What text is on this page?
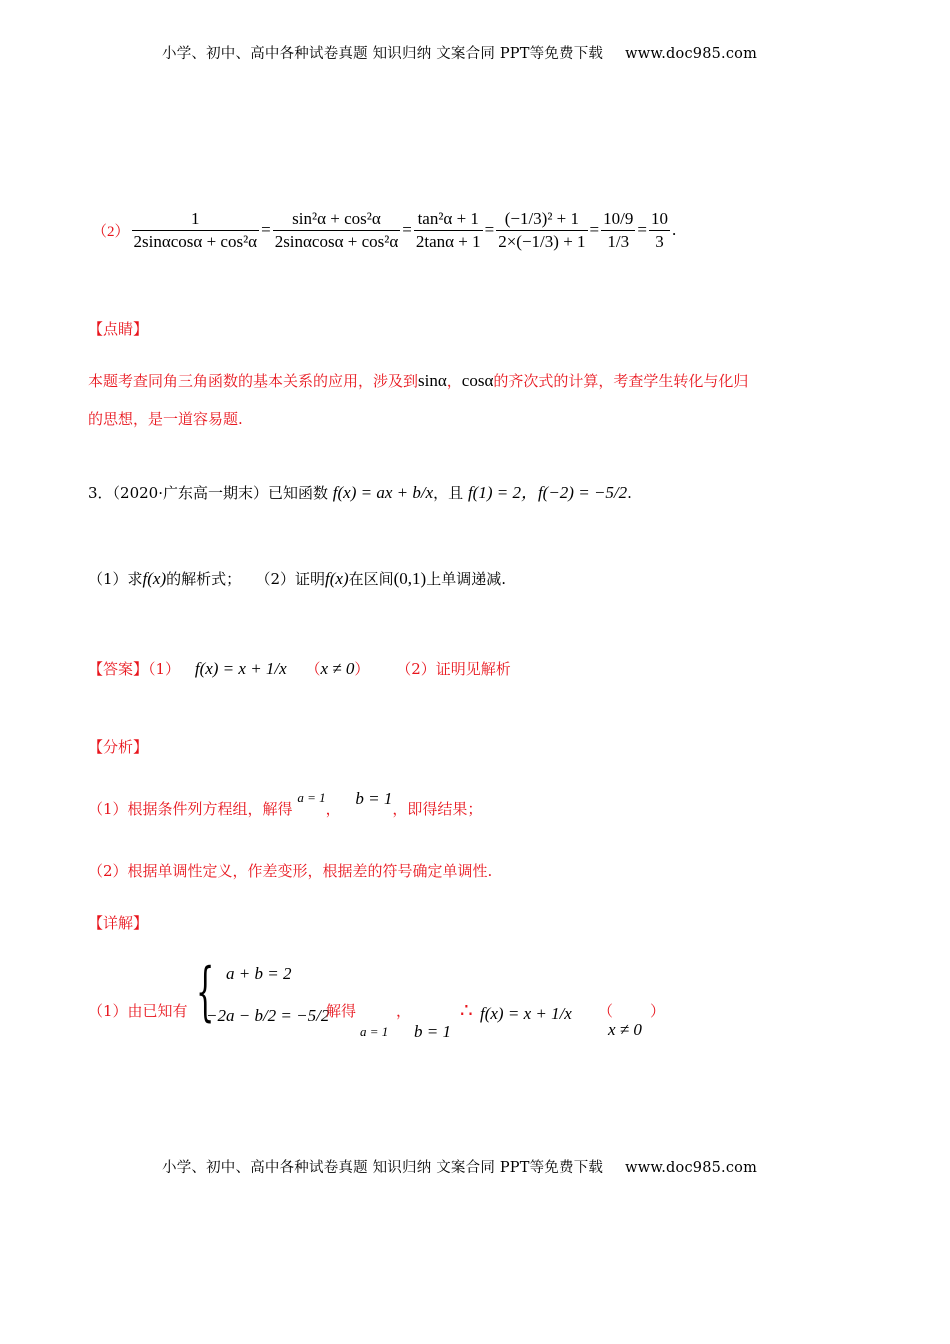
小学、初中、高中各种试卷真题 知识归纳 文案合同 PPT等免费下载 www.doc985.com
$(2) \frac{1}{\text{2sinαcosα + cos²α}} = \frac{\text{sin²α + cos²α}}{\text{2sinαcosα + cos²α}} = \frac{\text{tan²α + 1}}{2\tan\alpha + 1} = \frac{\text{(−1/3)² + 1}}{2\times(-1/3) + 1} = \frac{10/9}{1/3} = \frac{10}{3}$ .
【点睛】
本题考查同角三角函数的基本关系的应用，涉及到sinα，cosα的齐次式的计算，考查学生转化与化归
的思想，是一道容易题.
3．（2020·广东高一期末）已知函数 f(x) = ax + b/x，且 f(1) = 2，f(−2) = −5/2.
（1）求f(x)的解析式； （2）证明f(x)在区间(0,1)上单调递减.
【答案】（1） f(x) = x + 1/x （x ≠ 0） （2）证明见解析
【分析】
（1）根据条件列方程组，解得 a = 1， b = 1，即得结果；
（2）根据单调性定义，作差变形，根据差的符号确定单调性.
【详解】
（1）由已知有 { a + b = 2
−2a − b/2 = −5/2
解得	，
a = 1 b = 1
∴ f(x) = x + 1/x （
x ≠ 0
）
小学、初中、高中各种试卷真题 知识归纳 文案合同 PPT等免费下载 www.doc985.com
